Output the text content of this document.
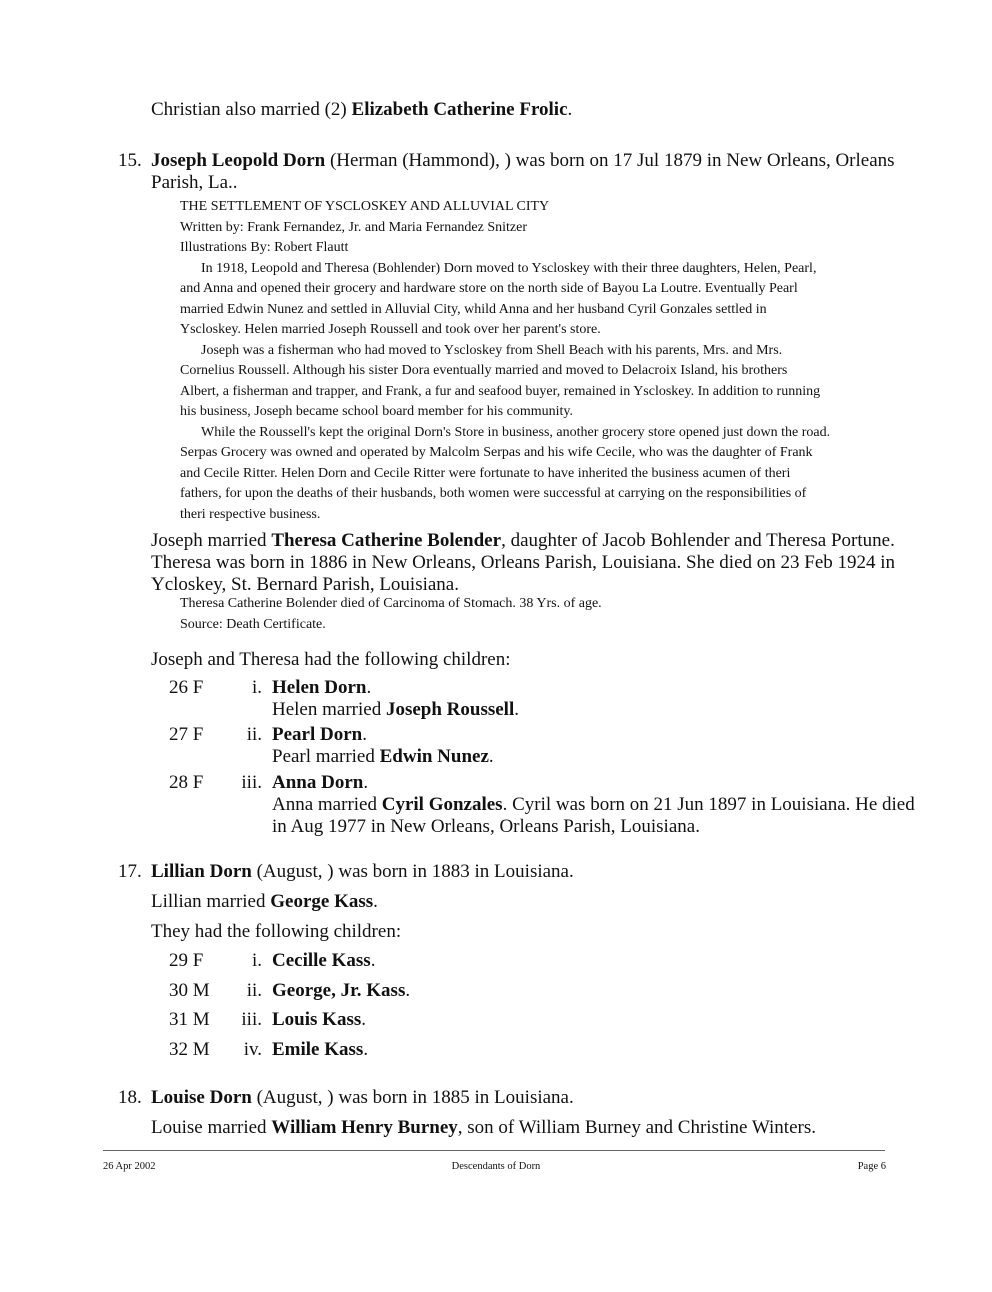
Christian also married (2) Elizabeth Catherine Frolic.
15. Joseph Leopold Dorn (Herman (Hammond), ) was born on 17 Jul 1879 in New Orleans, Orleans
Parish, La..
THE SETTLEMENT OF YSCLOSKEY AND ALLUVIAL CITY
Written by: Frank Fernandez, Jr. and Maria Fernandez Snitzer
Illustrations By: Robert Flautt
In 1918, Leopold and Theresa (Bohlender) Dorn moved to Yscloskey with their three daughters, Helen, Pearl,
and Anna and opened their grocery and hardware store on the north side of Bayou La Loutre. Eventually Pearl
married Edwin Nunez and settled in Alluvial City, whild Anna and her husband Cyril Gonzales settled in
Yscloskey. Helen married Joseph Roussell and took over her parent's store.
Joseph was a fisherman who had moved to Yscloskey from Shell Beach with his parents, Mrs. and Mrs.
Cornelius Roussell. Although his sister Dora eventually married and moved to Delacroix Island, his brothers
Albert, a fisherman and trapper, and Frank, a fur and seafood buyer, remained in Yscloskey. In addition to running
his business, Joseph became school board member for his community.
While the Roussell's kept the original Dorn's Store in business, another grocery store opened just down the road.
Serpas Grocery was owned and operated by Malcolm Serpas and his wife Cecile, who was the daughter of Frank
and Cecile Ritter. Helen Dorn and Cecile Ritter were fortunate to have inherited the business acumen of theri
fathers, for upon the deaths of their husbands, both women were successful at carrying on the responsibilities of
theri respective business.
Joseph married Theresa Catherine Bolender, daughter of Jacob Bohlender and Theresa Portune.
Theresa was born in 1886 in New Orleans, Orleans Parish, Louisiana. She died on 23 Feb 1924 in
Ycloskey, St. Bernard Parish, Louisiana.
Theresa Catherine Bolender died of Carcinoma of Stomach. 38 Yrs. of age.
Source: Death Certificate.
Joseph and Theresa had the following children:
26 F	i. Helen Dorn.
Helen married Joseph Roussell.
27 F	ii. Pearl Dorn.
Pearl married Edwin Nunez.
28 F	iii. Anna Dorn.
Anna married Cyril Gonzales. Cyril was born on 21 Jun 1897 in Louisiana. He died
in Aug 1977 in New Orleans, Orleans Parish, Louisiana.
17. Lillian Dorn (August, ) was born in 1883 in Louisiana.
Lillian married George Kass.
They had the following children:
29 F	i. Cecille Kass.
30 M	ii. George, Jr. Kass.
31 M	iii. Louis Kass.
32 M	iv. Emile Kass.
18. Louise Dorn (August, ) was born in 1885 in Louisiana.
Louise married William Henry Burney, son of William Burney and Christine Winters.
26 Apr 2002	Descendants of Dorn	Page 6
